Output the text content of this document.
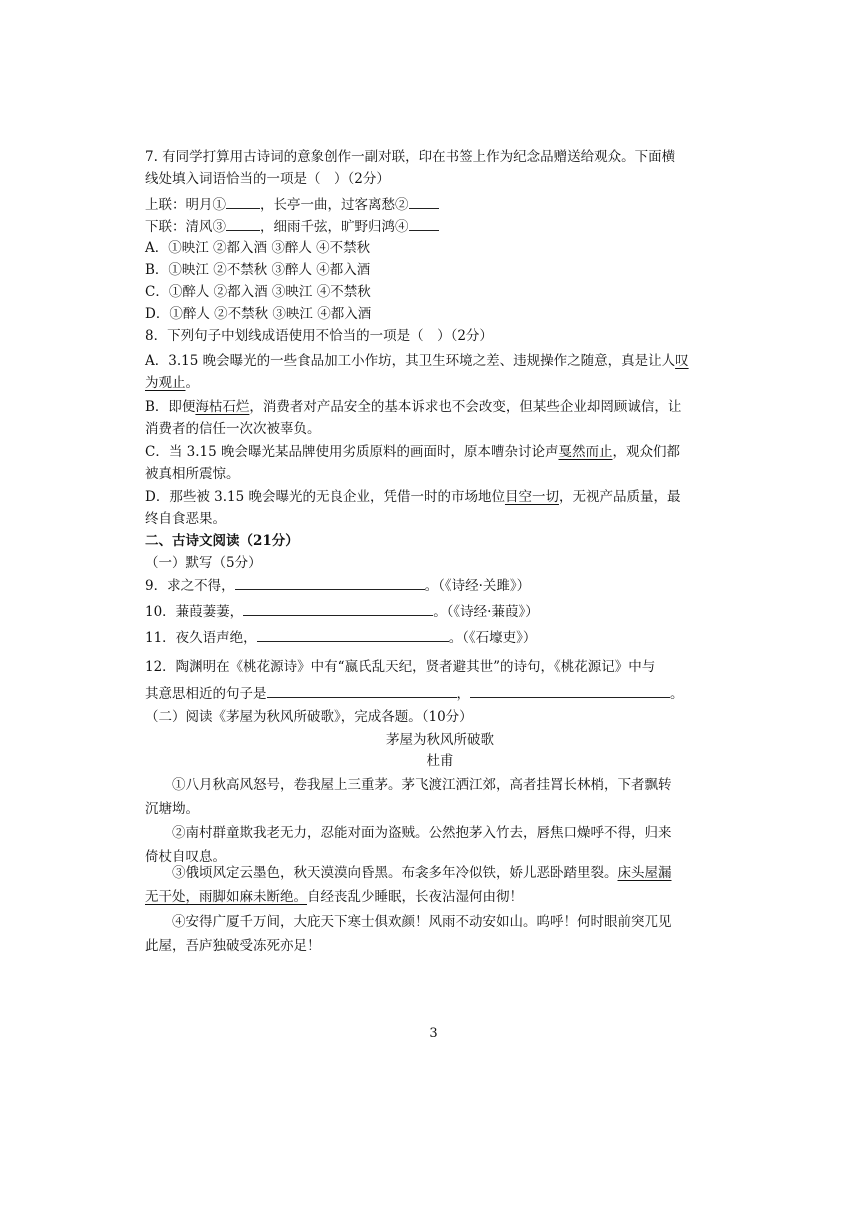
7. 有同学打算用古诗词的意象创作一副对联，印在书签上作为纪念品赠送给观众。下面横
线处填入词语恰当的一项是（　）（2分）
上联：明月①	，长亭一曲，过客离愁②
下联：清风③	，细雨千弦，旷野归鸿④
A．①映江 ②都入酒 ③醉人 ④不禁秋
B．①映江 ②不禁秋 ③醉人 ④都入酒
C．①醉人 ②都入酒 ③映江 ④不禁秋
D．①醉人 ②不禁秋 ③映江 ④都入酒
8．下列句子中划线成语使用不恰当的一项是（　）（2分）
A．3.15 晚会曝光的一些食品加工小作坊，其卫生环境之差、违规操作之随意，真是让人叹
为观止。
B．即便海枯石烂，消费者对产品安全的基本诉求也不会改变，但某些企业却罔顾诚信，让
消费者的信任一次次被辜负。
C．当 3.15 晚会曝光某品牌使用劣质原料的画面时，原本嘈杂讨论声戛然而止，观众们都
被真相所震惊。
D．那些被 3.15 晚会曝光的无良企业，凭借一时的市场地位目空一切，无视产品质量，最
终自食恶果。
二、古诗文阅读（21分）
（一）默写（5分）
9．求之不得，	。（《诗经·关雎》）
10．蒹葭萋萋，	。（《诗经·蒹葭》）
11．夜久语声绝，	。（《石壕吏》）
12．陶渊明在《桃花源诗》中有“嬴氏乱天纪，贤者避其世”的诗句，《桃花源记》中与
其意思相近的句子是	，	。
（二）阅读《茅屋为秋风所破歌》，完成各题。（10分）
茅屋为秋风所破歌
杜甫
①八月秋高风怒号，卷我屋上三重茅。茅飞渡江洒江郊，高者挂罥长林梢，下者飘转
沉塘坳。
②南村群童欺我老无力，忍能对面为盗贼。公然抱茅入竹去，唇焦口燥呼不得，归来
倚杖自叹息。
③俄顷风定云墨色，秋天漠漠向昏黑。布衾多年冷似铁，娇儿恶卧踏里裂。床头屋漏
无干处，雨脚如麻未断绝。自经丧乱少睡眠，长夜沾湿何由彻！
④安得广厦千万间，大庇天下寒士俱欢颜！风雨不动安如山。呜呼！何时眼前突兀见
此屋，吾庐独破受冻死亦足！
3
